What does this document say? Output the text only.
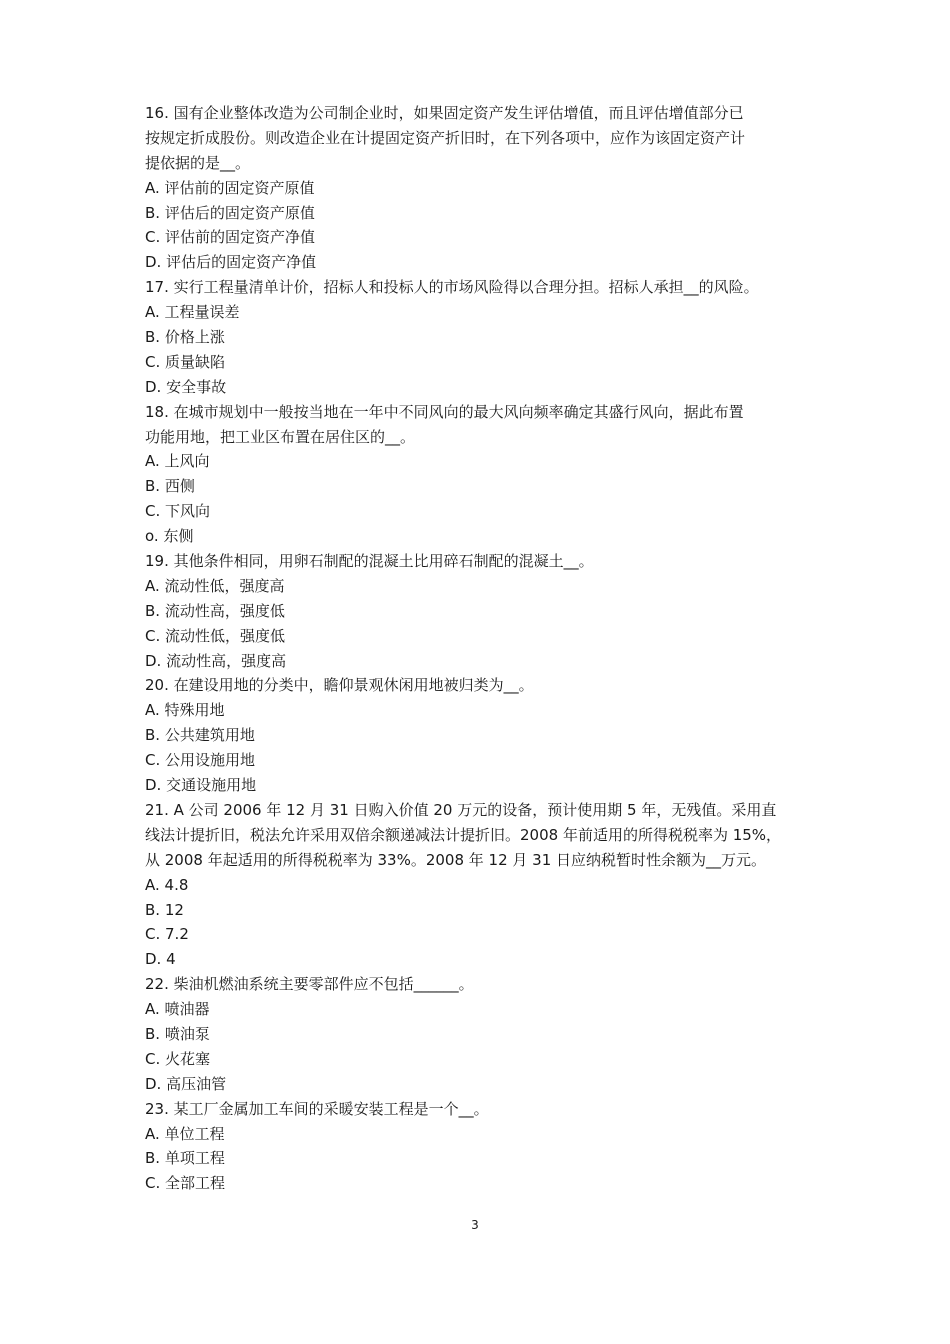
16. 国有企业整体改造为公司制企业时，如果固定资产发生评估增值，而且评估增值部分已
按规定折成股份。则改造企业在计提固定资产折旧时，在下列各项中，应作为该固定资产计
提依据的是__。
A. 评估前的固定资产原值
B. 评估后的固定资产原值
C. 评估前的固定资产净值
D. 评估后的固定资产净值
17. 实行工程量清单计价，招标人和投标人的市场风险得以合理分担。招标人承担__的风险。
A. 工程量误差
B. 价格上涨
C. 质量缺陷
D. 安全事故
18. 在城市规划中一般按当地在一年中不同风向的最大风向频率确定其盛行风向，据此布置
功能用地，把工业区布置在居住区的__。
A. 上风向
B. 西侧
C. 下风向
o. 东侧
19. 其他条件相同，用卵石制配的混凝土比用碎石制配的混凝土__。
A. 流动性低，强度高
B. 流动性高，强度低
C. 流动性低，强度低
D. 流动性高，强度高
20. 在建设用地的分类中，瞻仰景观休闲用地被归类为__。
A. 特殊用地
B. 公共建筑用地
C. 公用设施用地
D. 交通设施用地
21. A 公司 2006 年 12 月 31 日购入价值 20 万元的设备，预计使用期 5 年，无残值。采用直
线法计提折旧，税法允许采用双倍余额递减法计提折旧。2008 年前适用的所得税税率为 15%，
从 2008 年起适用的所得税税率为 33%。2008 年 12 月 31 日应纳税暂时性余额为__万元。
A. 4.8
B. 12
C. 7.2
D. 4
22. 柴油机燃油系统主要零部件应不包括______。
A. 喷油器
B. 喷油泵
C. 火花塞
D. 高压油管
23. 某工厂金属加工车间的采暖安装工程是一个__。
A. 单位工程
B. 单项工程
C. 全部工程
3
